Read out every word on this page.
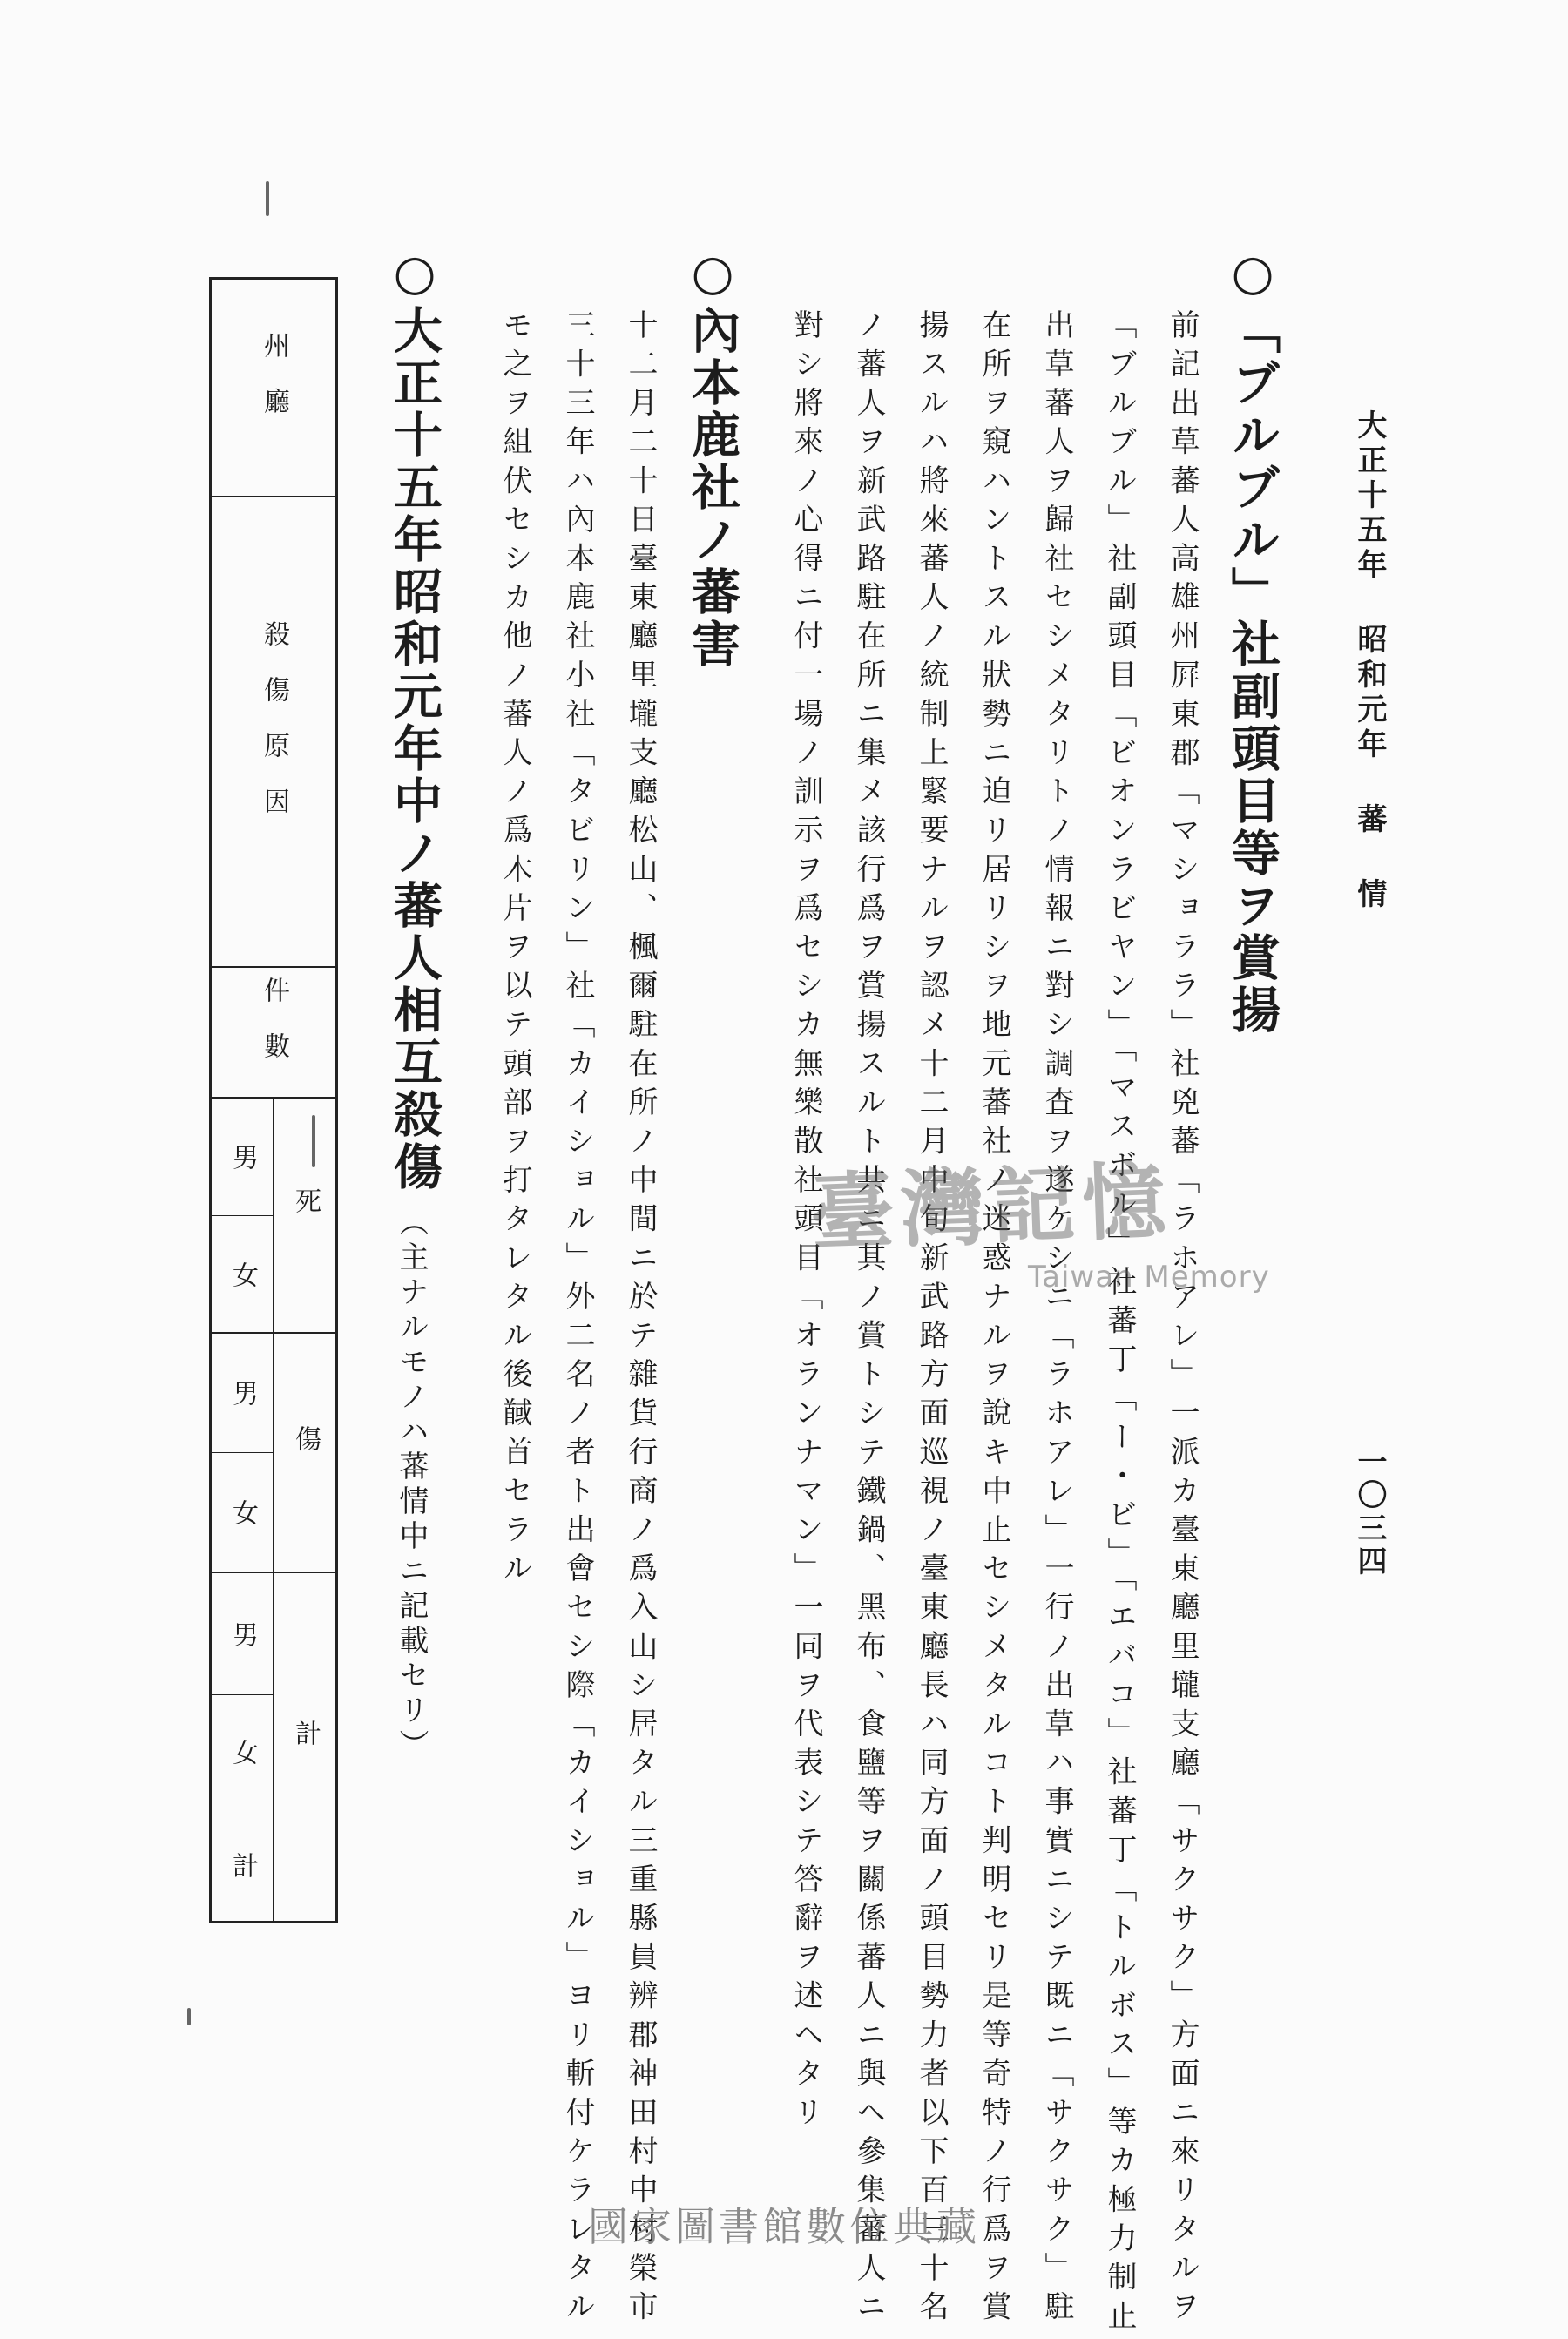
大正十五年 昭和元年 蕃 情
一〇三四
○「ブルブル」社副頭目等ヲ賞揚
前記出草蕃人高雄州屛東郡「マショララ」社兇蕃「ラホアレ」一派カ臺東廳里壠支廳「サクサク」方面ニ來リタルヲ
「ブルブル」社副頭目「ビオンラビヤン」「マスボル」社蕃丁「ー・ビ」「エバコ」社蕃丁「トルボス」等カ極力制止
出草蕃人ヲ歸社セシメタリトノ情報ニ對シ調査ヲ遂ケシニ「ラホアレ」一行ノ出草ハ事實ニシテ既ニ「サクサク」駐
在所ヲ窺ハントスル狀勢ニ迫リ居リシヲ地元蕃社ノ迷惑ナルヲ說キ中止セシメタルコト判明セリ是等奇特ノ行爲ヲ賞
揚スルハ將來蕃人ノ統制上緊要ナルヲ認メ十二月中旬新武路方面巡視ノ臺東廳長ハ同方面ノ頭目勢力者以下百三十名
ノ蕃人ヲ新武路駐在所ニ集メ該行爲ヲ賞揚スルト共ニ其ノ賞トシテ鐵鍋、黑布、食鹽等ヲ關係蕃人ニ與ヘ參集蕃人ニ
對シ將來ノ心得ニ付一場ノ訓示ヲ爲セシカ無樂散社頭目「オランナマン」一同ヲ代表シテ答辭ヲ述ヘタリ
○內本鹿社ノ蕃害
十二月二十日臺東廳里壠支廳松山、楓爾駐在所ノ中間ニ於テ雜貨行商ノ爲入山シ居タル三重縣員辨郡神田村中村榮市
三十三年ハ內本鹿社小社「タビリン」社「カイショル」外二名ノ者ト出會セシ際「カイショル」ヨリ斬付ケラレタル
モ之ヲ組伏セシカ他ノ蕃人ノ爲木片ヲ以テ頭部ヲ打タレタル後馘首セラル
○大正十五年昭和元年中ノ蕃人相互殺傷
（主ナルモノハ蕃情中ニ記載セリ）
州廳
殺傷原因
件數
死
男
女
傷
男
女
計
男
女
計
臺灣記憶
Taiwan Memory
國家圖書館數位典藏
